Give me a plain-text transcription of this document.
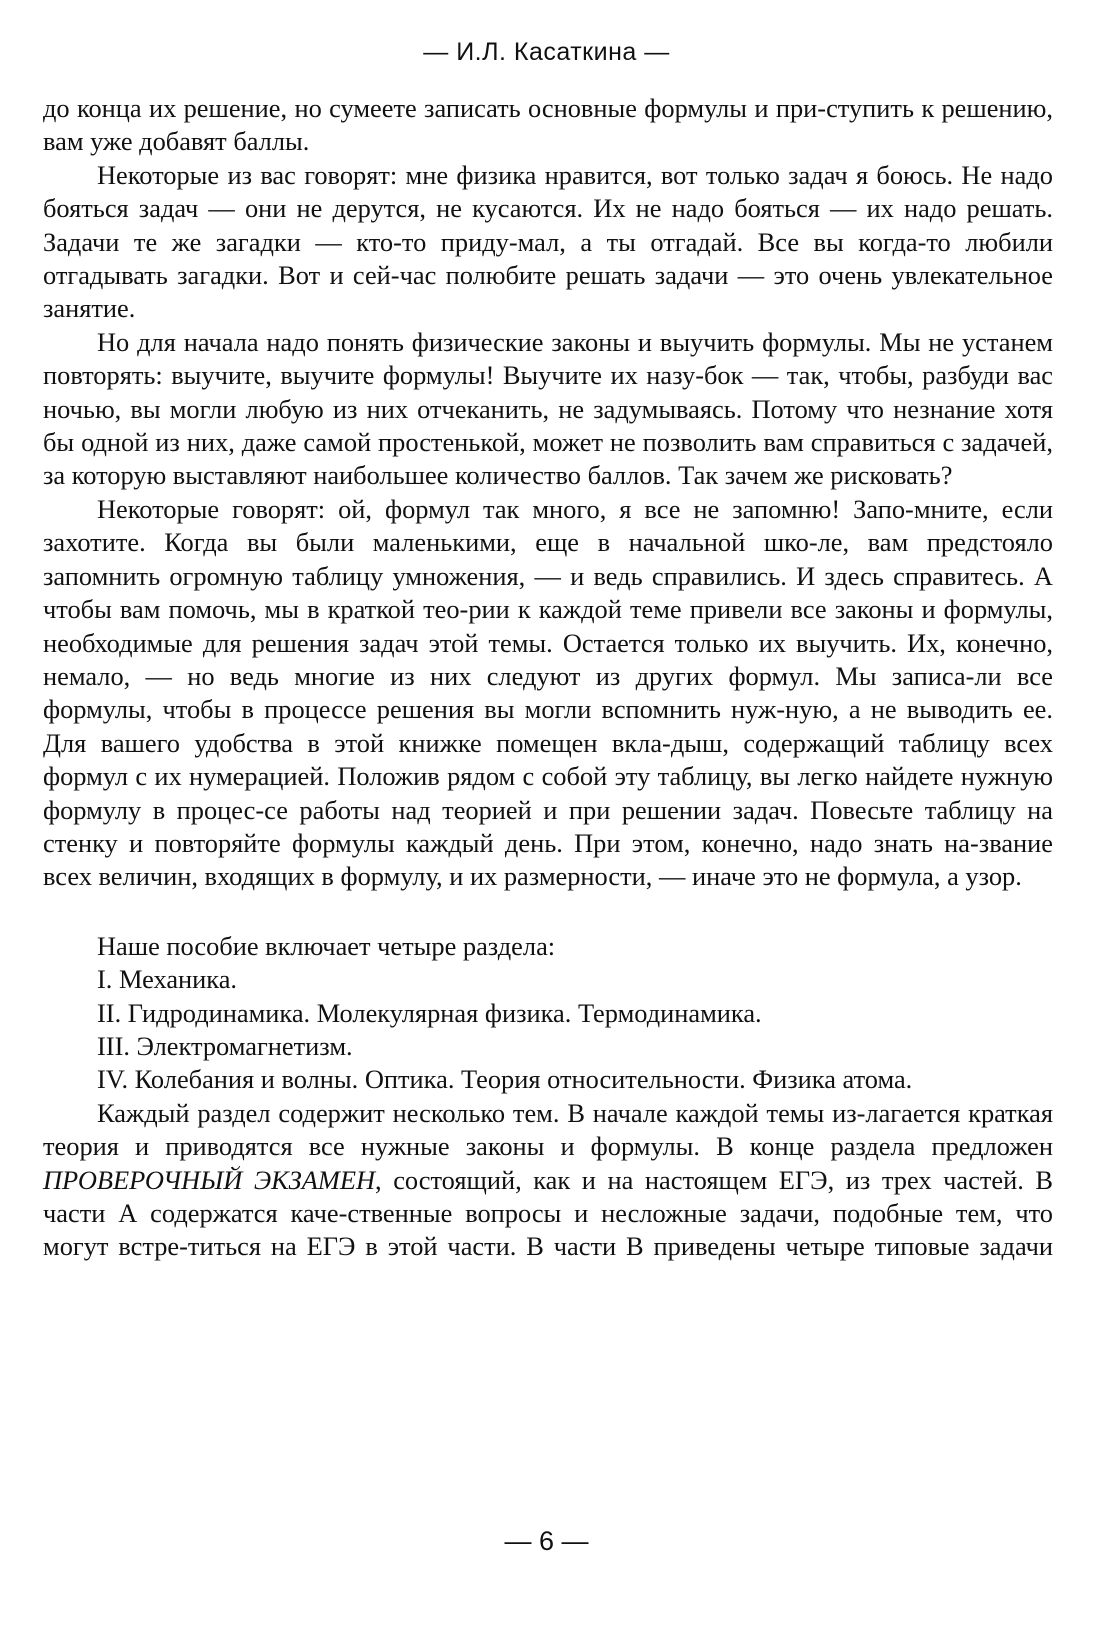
— И.Л. Касаткина —

до конца их решение, но сумеете записать основные формулы и при-ступить к решению, вам уже добавят баллы.

Некоторые из вас говорят: мне физика нравится, вот только задач я боюсь. Не надо бояться задач — они не дерутся, не кусаются. Их не надо бояться — их надо решать. Задачи те же загадки — кто-то приду-мал, а ты отгадай. Все вы когда-то любили отгадывать загадки. Вот и сей-час полюбите решать задачи — это очень увлекательное занятие.

Но для начала надо понять физические законы и выучить формулы. Мы не устанем повторять: выучите, выучите формулы! Выучите их назу-бок — так, чтобы, разбуди вас ночью, вы могли любую из них отчеканить, не задумываясь. Потому что незнание хотя бы одной из них, даже самой простенькой, может не позволить вам справиться с задачей, за которую выставляют наибольшее количество баллов. Так зачем же рисковать?

Некоторые говорят: ой, формул так много, я все не запомню! Запо-мните, если захотите. Когда вы были маленькими, еще в начальной шко-ле, вам предстояло запомнить огромную таблицу умножения, — и ведь справились. И здесь справитесь. А чтобы вам помочь, мы в краткой тео-рии к каждой теме привели все законы и формулы, необходимые для решения задач этой темы. Остается только их выучить. Их, конечно, немало, — но ведь многие из них следуют из других формул. Мы записа-ли все формулы, чтобы в процессе решения вы могли вспомнить нуж-ную, а не выводить ее. Для вашего удобства в этой книжке помещен вкла-дыш, содержащий таблицу всех формул с их нумерацией. Положив рядом с собой эту таблицу, вы легко найдете нужную формулу в процес-се работы над теорией и при решении задач. Повесьте таблицу на стенку и повторяйте формулы каждый день. При этом, конечно, надо знать на-звание всех величин, входящих в формулу, и их размерности, — иначе это не формула, а узор.

Наше пособие включает четыре раздела:

I. Механика.

II. Гидродинамика. Молекулярная физика. Термодинамика.

III. Электромагнетизм.

IV. Колебания и волны. Оптика. Теория относительности. Физика атома.

Каждый раздел содержит несколько тем. В начале каждой темы из-лагается краткая теория и приводятся все нужные законы и формулы. В конце раздела предложен ПРОВЕРОЧНЫЙ ЭКЗАМЕН, состоящий, как и на настоящем ЕГЭ, из трех частей. В части А содержатся каче-ственные вопросы и несложные задачи, подобные тем, что могут встре-титься на ЕГЭ в этой части. В части В приведены четыре типовые задачи

— 6 —
